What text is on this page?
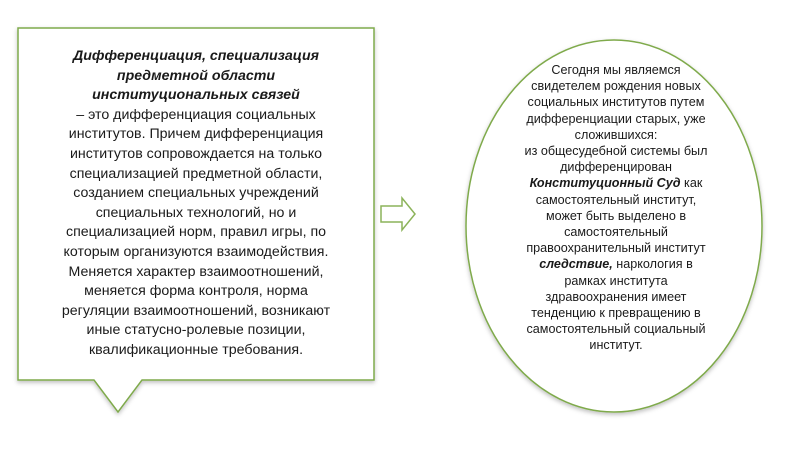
Дифференциация, специализация
предметной области
институциональных связей
– это дифференциация социальных
институтов. Причем дифференциация
институтов сопровождается на только
специализацией предметной области,
созданием специальных учреждений
специальных технологий, но и
специализацией норм, правил игры, по
которым организуются взаимодействия.
Меняется характер взаимоотношений,
меняется форма контроля, норма
регуляции взаимоотношений, возникают
иные статусно-ролевые позиции,
квалификационные требования.
Сегодня мы являемся
свидетелем рождения новых
социальных институтов путем
дифференциации старых, уже
сложившихся:
из общесудебной системы был
дифференцирован
Конституционный Суд как
самостоятельный институт,
может быть выделено в
самостоятельный
правоохранительный институт
следствие, наркология в
рамках института
здравоохранения имеет
тенденцию к превращению в
самостоятельный социальный
институт.
